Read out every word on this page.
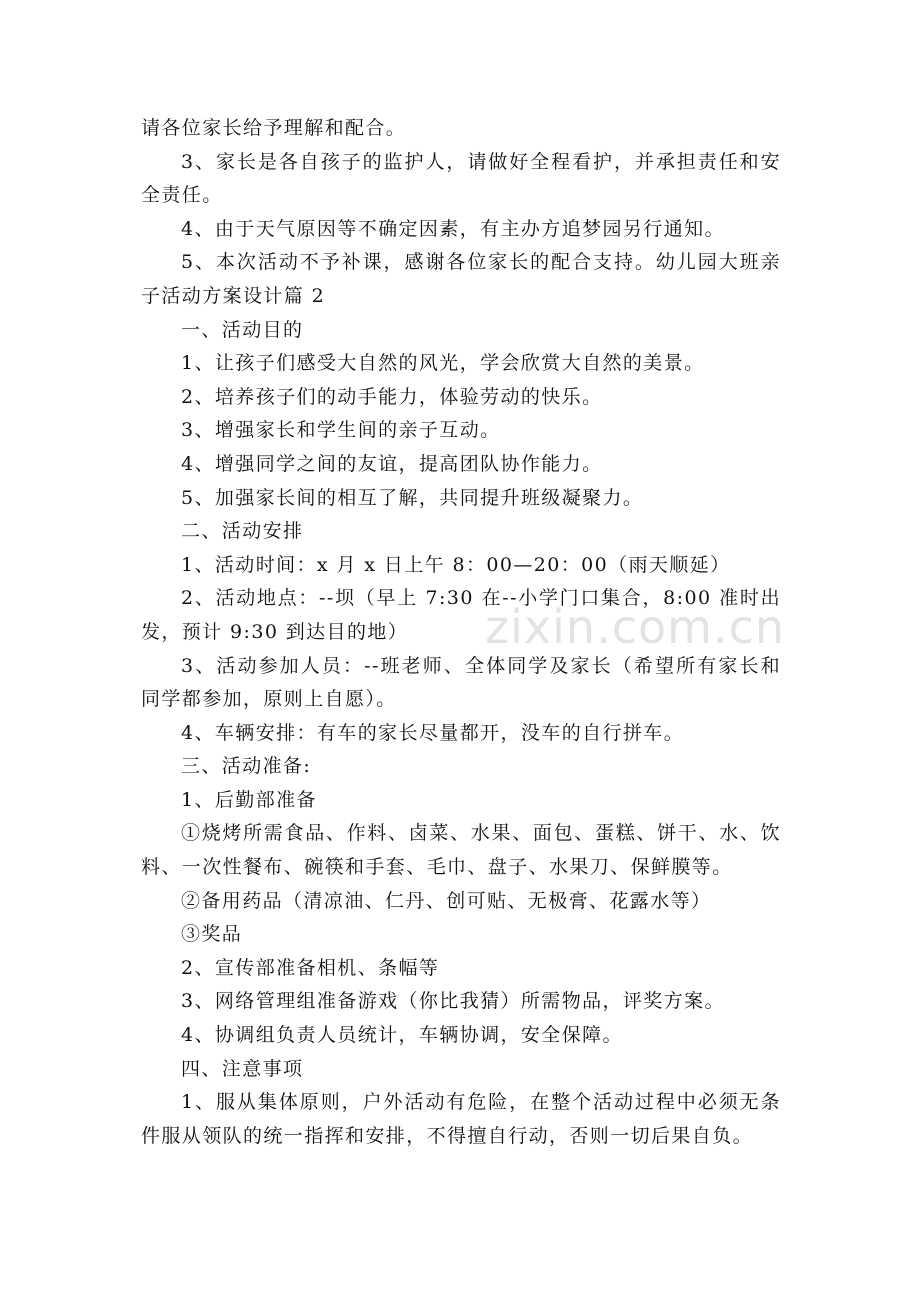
请各位家长给予理解和配合。

3、家长是各自孩子的监护人，请做好全程看护，并承担责任和安全责任。

4、由于天气原因等不确定因素，有主办方追梦园另行通知。

5、本次活动不予补课，感谢各位家长的配合支持。幼儿园大班亲子活动方案设计篇 2

一、活动目的

1、让孩子们感受大自然的风光，学会欣赏大自然的美景。

2、培养孩子们的动手能力，体验劳动的快乐。

3、增强家长和学生间的亲子互动。

4、增强同学之间的友谊，提高团队协作能力。

5、加强家长间的相互了解，共同提升班级凝聚力。

二、活动安排

1、活动时间：x 月 x 日上午 8：00—20：00（雨天顺延）

2、活动地点：--坝（早上 7:30 在--小学门口集合，8:00 准时出发，预计 9:30 到达目的地）

3、活动参加人员：--班老师、全体同学及家长（希望所有家长和同学都参加，原则上自愿）。

4、车辆安排：有车的家长尽量都开，没车的自行拼车。

三、活动准备:

1、后勤部准备

①烧烤所需食品、作料、卤菜、水果、面包、蛋糕、饼干、水、饮料、一次性餐布、碗筷和手套、毛巾、盘子、水果刀、保鲜膜等。

②备用药品（清凉油、仁丹、创可贴、无极膏、花露水等）

③奖品

2、宣传部准备相机、条幅等

3、网络管理组准备游戏（你比我猜）所需物品，评奖方案。

4、协调组负责人员统计，车辆协调，安全保障。

四、注意事项

1、服从集体原则，户外活动有危险，在整个活动过程中必须无条件服从领队的统一指挥和安排，不得擅自行动，否则一切后果自负。

zixin.com.cn
